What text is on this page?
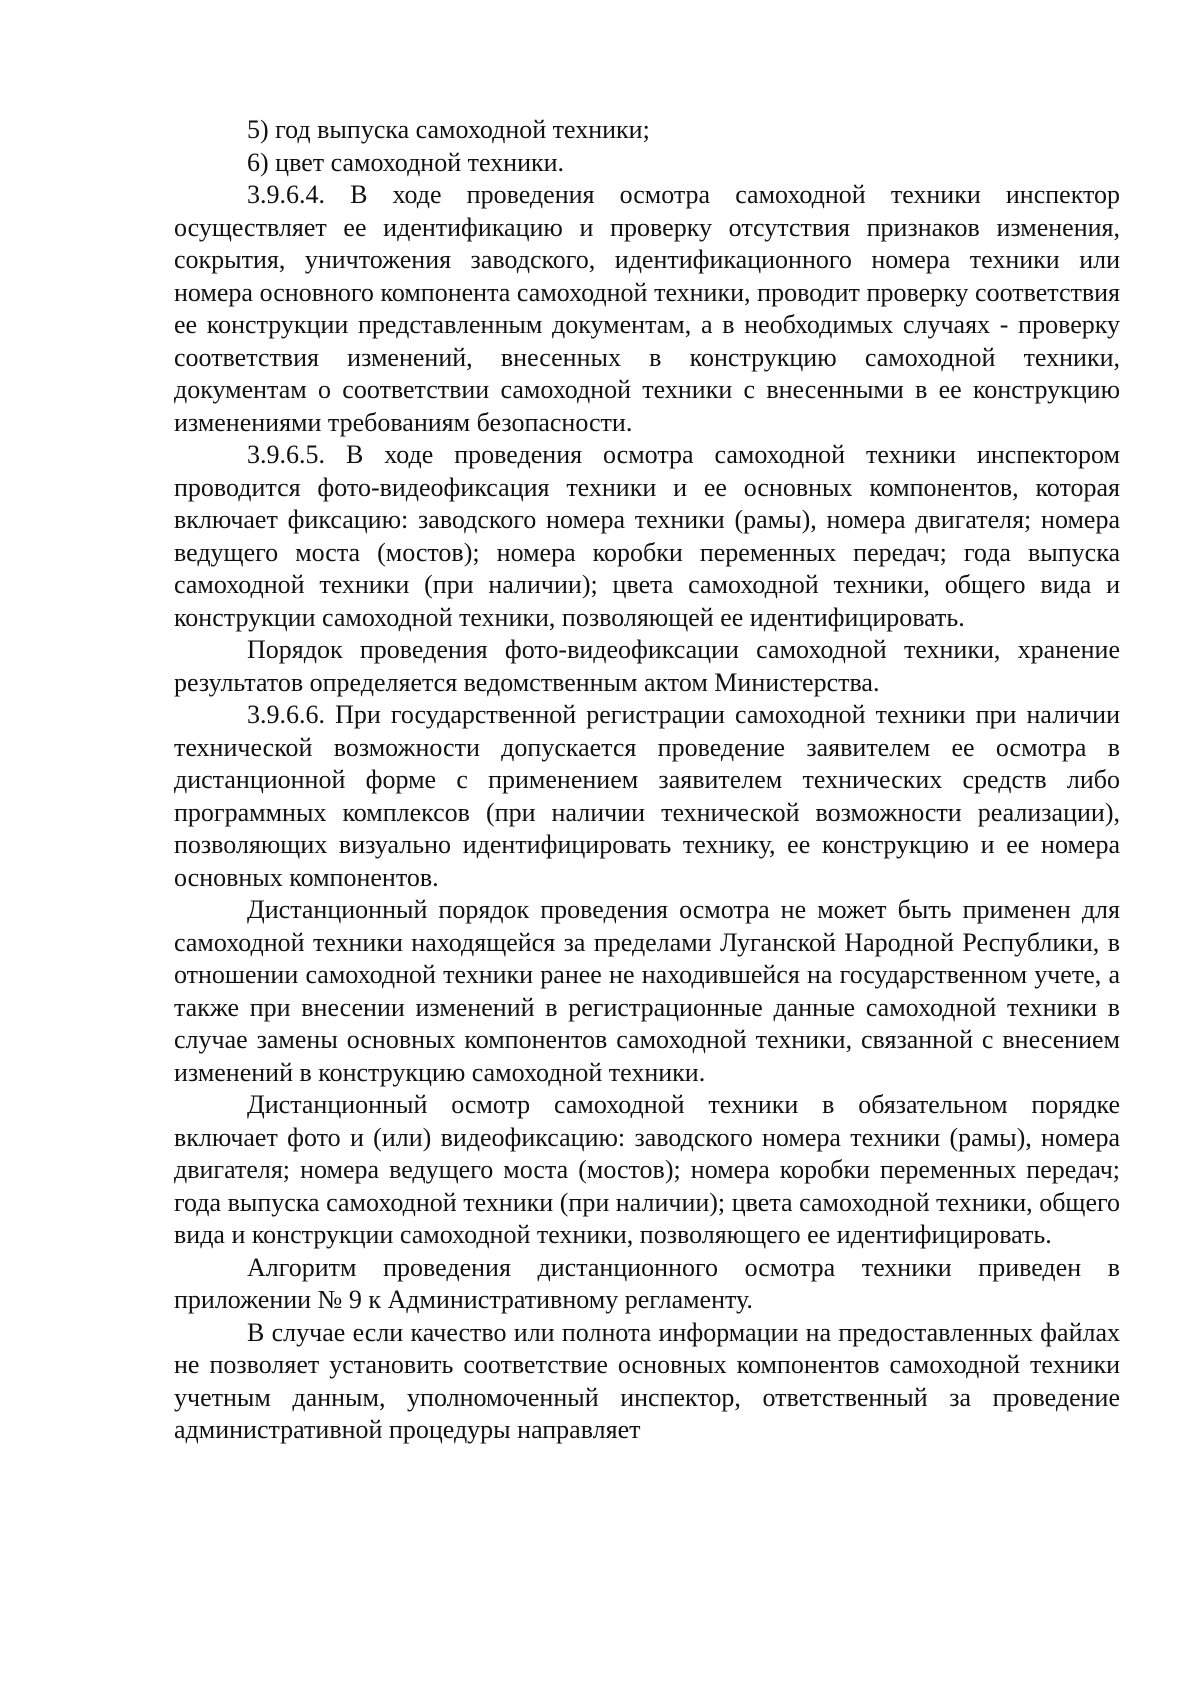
5) год выпуска самоходной техники;

6) цвет самоходной техники.

3.9.6.4. В ходе проведения осмотра самоходной техники инспектор осуществляет ее идентификацию и проверку отсутствия признаков изменения, сокрытия, уничтожения заводского, идентификационного номера техники или номера основного компонента самоходной техники, проводит проверку соответствия ее конструкции представленным документам, а в необходимых случаях - проверку соответствия изменений, внесенных в конструкцию самоходной техники, документам о соответствии самоходной техники с внесенными в ее конструкцию изменениями требованиям безопасности.

3.9.6.5. В ходе проведения осмотра самоходной техники инспектором проводится фото-видеофиксация техники и ее основных компонентов, которая включает фиксацию: заводского номера техники (рамы), номера двигателя; номера ведущего моста (мостов); номера коробки переменных передач; года выпуска самоходной техники (при наличии); цвета самоходной техники, общего вида и конструкции самоходной техники, позволяющей ее идентифицировать.

Порядок проведения фото-видеофиксации самоходной техники, хранение результатов определяется ведомственным актом Министерства.

3.9.6.6. При государственной регистрации самоходной техники при наличии технической возможности допускается проведение заявителем ее осмотра в дистанционной форме с применением заявителем технических средств либо программных комплексов (при наличии технической возможности реализации), позволяющих визуально идентифицировать технику, ее конструкцию и ее номера основных компонентов.

Дистанционный порядок проведения осмотра не может быть применен для самоходной техники находящейся за пределами Луганской Народной Республики, в отношении самоходной техники ранее не находившейся на государственном учете, а также при внесении изменений в регистрационные данные самоходной техники в случае замены основных компонентов самоходной техники, связанной с внесением изменений в конструкцию самоходной техники.

Дистанционный осмотр самоходной техники в обязательном порядке включает фото и (или) видеофиксацию: заводского номера техники (рамы), номера двигателя; номера ведущего моста (мостов); номера коробки переменных передач; года выпуска самоходной техники (при наличии); цвета самоходной техники, общего вида и конструкции самоходной техники, позволяющего ее идентифицировать.

Алгоритм проведения дистанционного осмотра техники приведен в приложении № 9 к Административному регламенту.

В случае если качество или полнота информации на предоставленных файлах не позволяет установить соответствие основных компонентов самоходной техники учетным данным, уполномоченный инспектор, ответственный за проведение административной процедуры направляет
